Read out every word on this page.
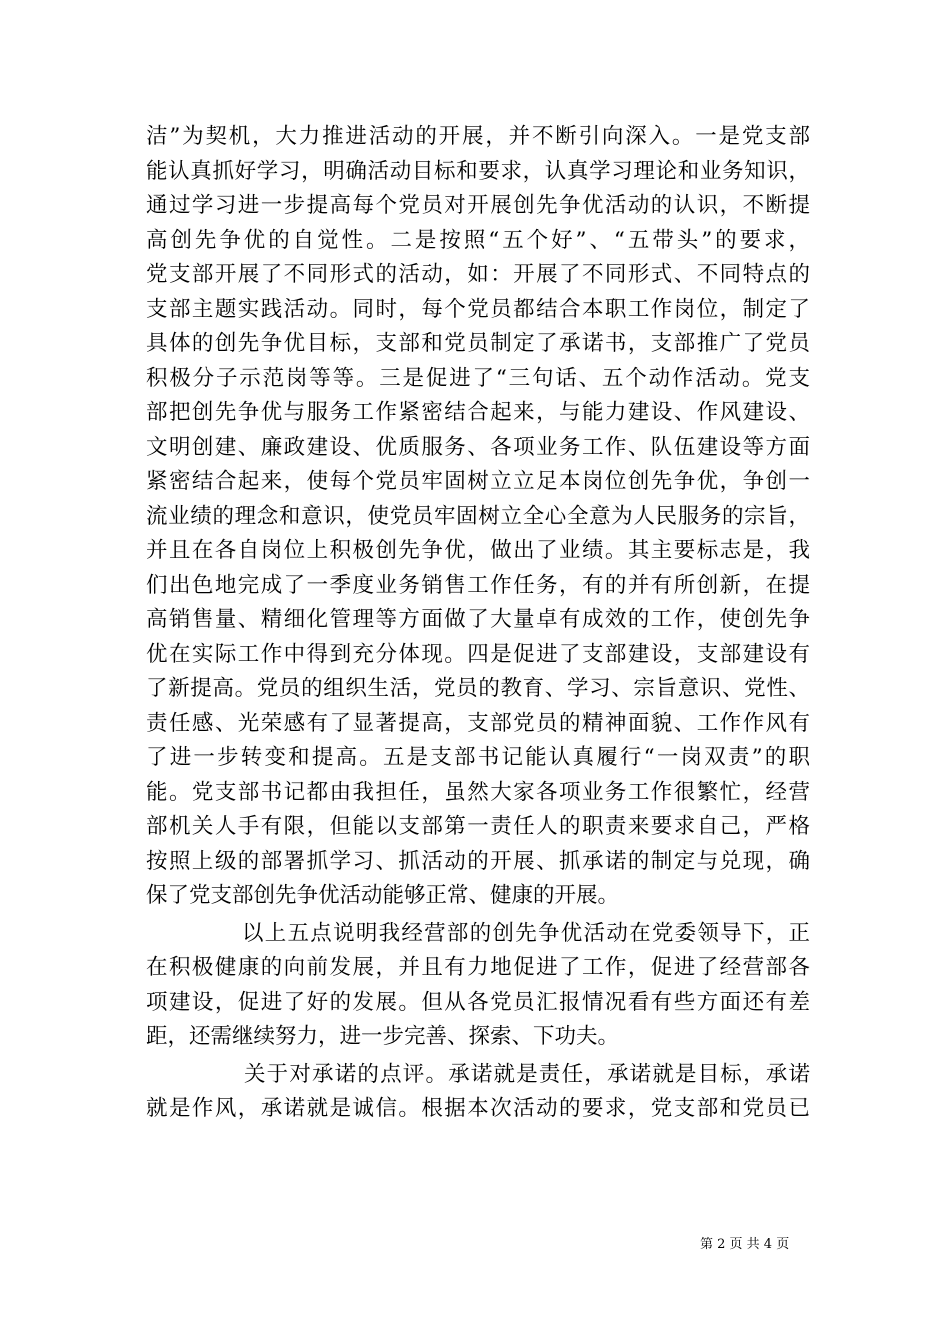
洁”为契机，大力推进活动的开展，并不断引向深入。一是党支部
能认真抓好学习，明确活动目标和要求，认真学习理论和业务知识，
通过学习进一步提高每个党员对开展创先争优活动的认识，不断提
高创先争优的自觉性。二是按照“五个好”、“五带头”的要求，
党支部开展了不同形式的活动，如：开展了不同形式、不同特点的
支部主题实践活动。同时，每个党员都结合本职工作岗位，制定了
具体的创先争优目标，支部和党员制定了承诺书，支部推广了党员
积极分子示范岗等等。三是促进了“三句话、五个动作活动。党支
部把创先争优与服务工作紧密结合起来，与能力建设、作风建设、
文明创建、廉政建设、优质服务、各项业务工作、队伍建设等方面
紧密结合起来，使每个党员牢固树立立足本岗位创先争优，争创一
流业绩的理念和意识，使党员牢固树立全心全意为人民服务的宗旨，
并且在各自岗位上积极创先争优，做出了业绩。其主要标志是，我
们出色地完成了一季度业务销售工作任务，有的并有所创新，在提
高销售量、精细化管理等方面做了大量卓有成效的工作，使创先争
优在实际工作中得到充分体现。四是促进了支部建设，支部建设有
了新提高。党员的组织生活，党员的教育、学习、宗旨意识、党性、
责任感、光荣感有了显著提高，支部党员的精神面貌、工作作风有
了进一步转变和提高。五是支部书记能认真履行“一岗双责”的职
能。党支部书记都由我担任，虽然大家各项业务工作很繁忙，经营
部机关人手有限，但能以支部第一责任人的职责来要求自己，严格
按照上级的部署抓学习、抓活动的开展、抓承诺的制定与兑现，确
保了党支部创先争优活动能够正常、健康的开展。
以上五点说明我经营部的创先争优活动在党委领导下，正
在积极健康的向前发展，并且有力地促进了工作，促进了经营部各
项建设，促进了好的发展。但从各党员汇报情况看有些方面还有差
距，还需继续努力，进一步完善、探索、下功夫。
关于对承诺的点评。承诺就是责任，承诺就是目标，承诺
就是作风，承诺就是诚信。根据本次活动的要求，党支部和党员已
第 2 页 共 4 页
